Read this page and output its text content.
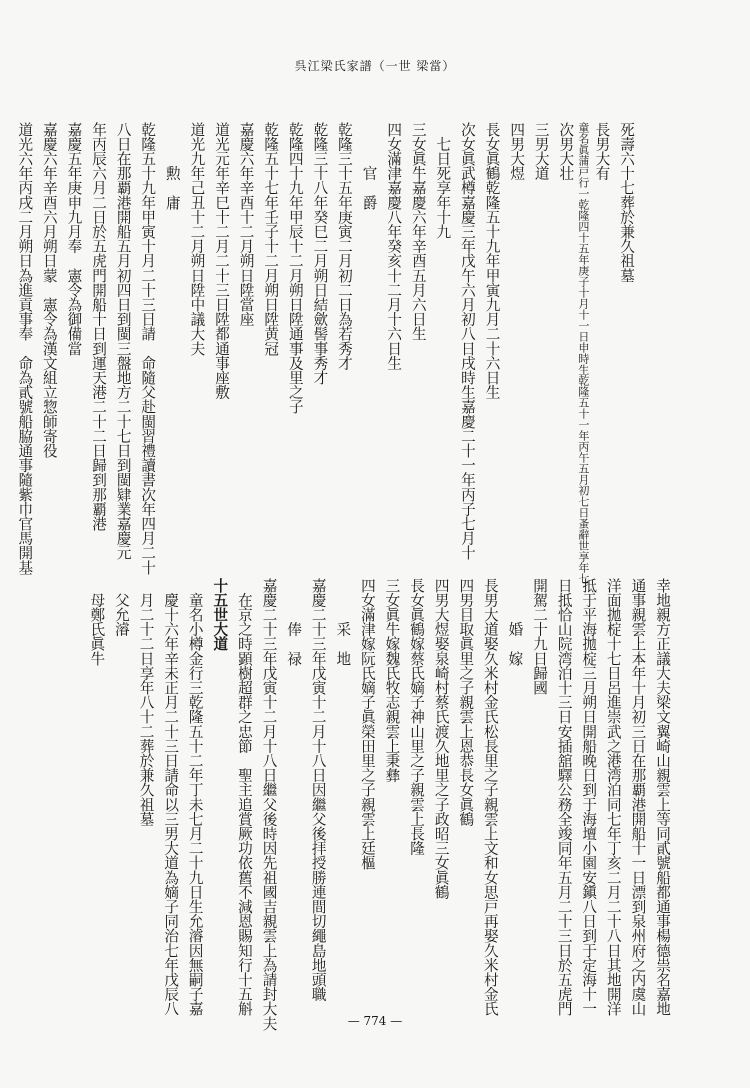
呉江梁氏家譜（一世 梁當）
死壽六十七葬於兼久祖墓
長男大有
童名眞蒲戸行一乾隆四十五年庚子十月十一日申
時生乾隆五十一年丙午五月初七日蚤辭世享年七
次男大壮
三男大道
四男大煜
長女眞鶴乾隆五十九年甲寅九月二十六日生
次女眞武樽嘉慶三年戊午六月初八日戌時生嘉慶二十一年丙子七月十
　七日死享年十九
三女眞牛嘉慶六年辛酉五月六日生
四女滿津嘉慶八年癸亥十二月十六日生
　　　官　爵
乾隆三十五年庚寅二月初二日為若秀才
乾隆三十八年癸巳二月朔日結歛髻事秀才
乾隆四十九年甲辰十二月朔日陞通事及里之子
乾隆五十七年壬子十二月朔日陞黄冠
嘉慶六年辛酉十二月朔日陞當座
道光元年辛巳十二月二十三日陞都通事座敷
道光九年己丑十二月朔日陞中議大夫
　　　勲　庸
乾隆五十九年甲寅十月二十三日請　命隨父赴閩習禮讀書次年四月二十
八日在那覇港開船五月初四日到閩三盤地方二十七日到閩肄業嘉慶元
年丙辰六月二日於五虎門開船十日到運天港二十二日歸到那覇港
嘉慶五年庚申九月奉　憲令為御備當
嘉慶六年辛酉六月朔日蒙　憲令為漢文組立惣師寄役
道光六年丙戌二月朔日為進貢事奉　命為貳號船脇通事隨紫巾官馬開基
幸地親方正議大夫梁文翼崎山親雲上等同貳號船都通事楊德祟名嘉地
通事親雲上本年十月初三日在那覇港開船十一日漂到泉州府之内虞山
洋面拋椗十七日呂進崇武之港湾泊同七年丁亥二月二十八日其地開洋
抵于平海拋椗三月朔日開船晚日到于海壇小園安鎭八日到于定海十一
日抵恰山院湾泊十三日安插舘驛公務全竣同年五月二十三日於五虎門
開駕二十九日歸國
　　　婚　嫁
長男大道娶久米村金氏松長里之子親雲上文和女思戸再娶久米村金氏
四男目取眞里之子親雲上恩恭長女眞鶴
四男大煜娶泉崎村蔡氏渡久地里之子政昭三女眞鶴
長女眞鶴嫁蔡氏嫡子神山里之子親雲上長隆
三女眞牛嫁魏氏牧志親雲上秉彝
四女滿津嫁阮氏嫡子眞榮田里之子親雲上廷樞
　　　采　地
嘉慶二十三年戊寅十二月十八日因繼父後拝授勝連間切繩島地頭職
　　　俸　禄
嘉慶二十三年戊寅十二月十八日繼父後時因先祖國吉親雲上為請封大夫
　在京之時顕樹超群之忠節　聖主追賞厥功依舊不減恩賜知行十五斛
十五世大道
　童名小樽金行三乾隆五十二年丁未七月二十九日生允濬因無嗣子嘉
　慶十六年辛未正月二十三日請命以三男大道為嫡子同治七年戊辰八
　月二十二日享年八十二葬於兼久祖墓
　父允濬
　母鄭氏眞牛
— 774 —
